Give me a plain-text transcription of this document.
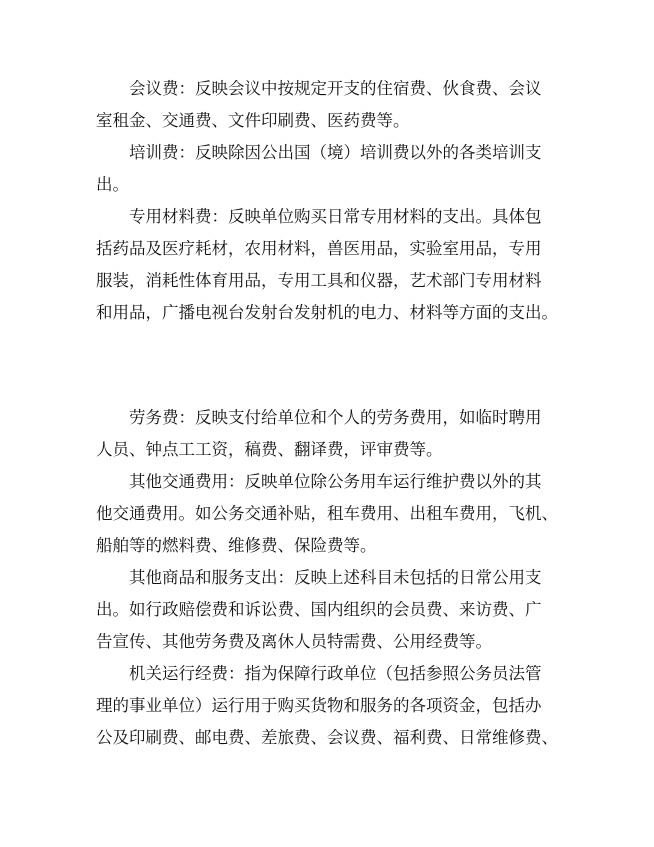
会议费：反映会议中按规定开支的住宿费、伙食费、会议
室租金、交通费、文件印刷费、医药费等。

培训费：反映除因公出国（境）培训费以外的各类培训支
出。

专用材料费：反映单位购买日常专用材料的支出。具体包
括药品及医疗耗材，农用材料，兽医用品，实验室用品，专用
服装，消耗性体育用品，专用工具和仪器，艺术部门专用材料
和用品，广播电视台发射台发射机的电力、材料等方面的支出。

劳务费：反映支付给单位和个人的劳务费用，如临时聘用
人员、钟点工工资，稿费、翻译费，评审费等。

其他交通费用：反映单位除公务用车运行维护费以外的其
他交通费用。如公务交通补贴，租车费用、出租车费用，飞机、
船舶等的燃料费、维修费、保险费等。

其他商品和服务支出：反映上述科目未包括的日常公用支
出。如行政赔偿费和诉讼费、国内组织的会员费、来访费、广
告宣传、其他劳务费及离休人员特需费、公用经费等。

机关运行经费：指为保障行政单位（包括参照公务员法管
理的事业单位）运行用于购买货物和服务的各项资金，包括办
公及印刷费、邮电费、差旅费、会议费、福利费、日常维修费、
